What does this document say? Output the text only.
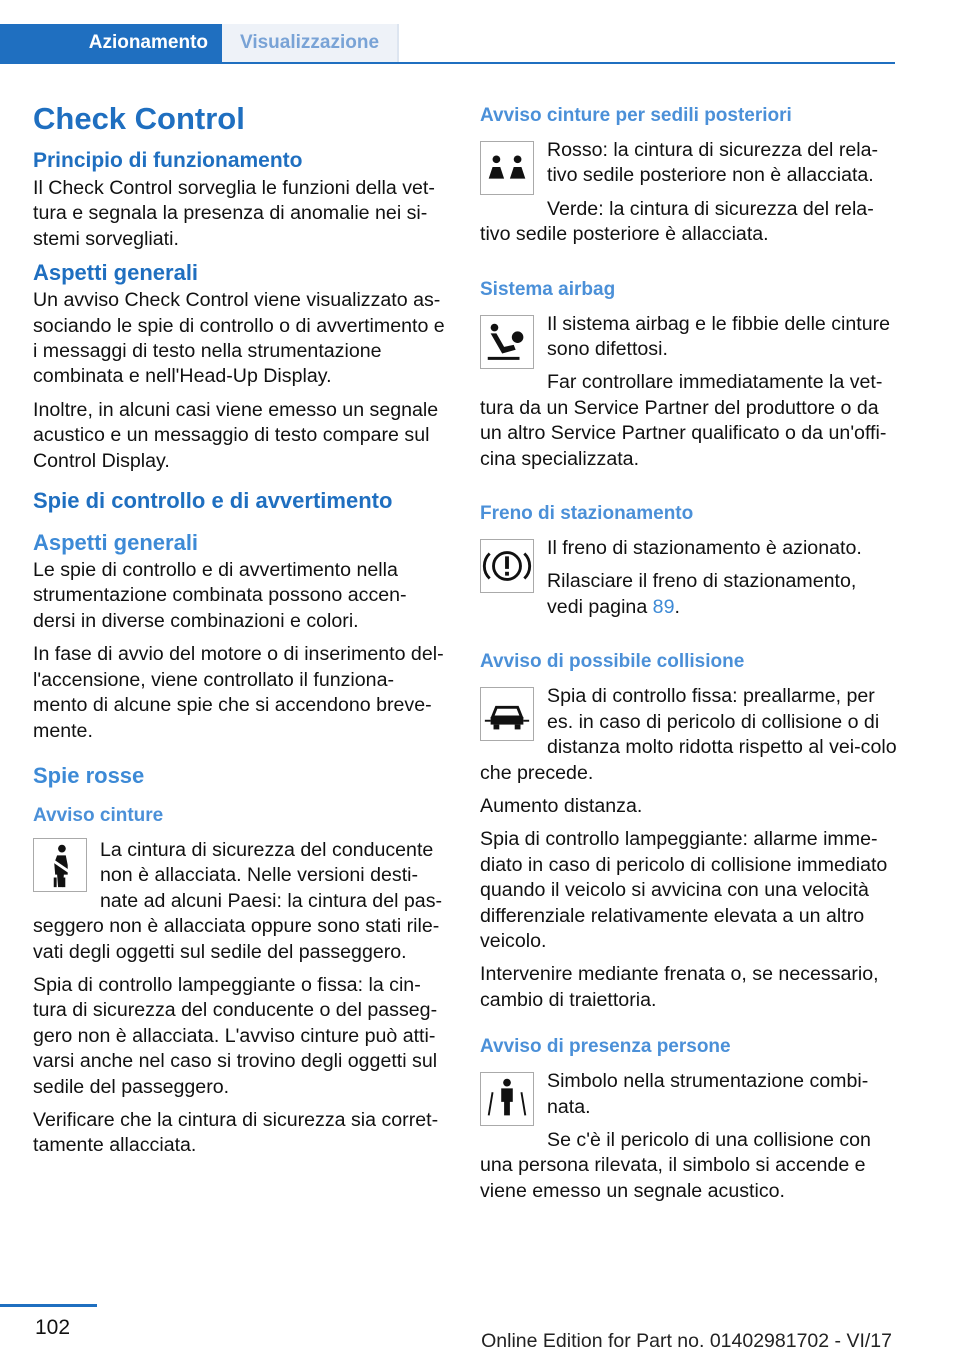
Azionamento	Visualizzazione
Check Control
Principio di funzionamento

Il Check Control sorveglia le funzioni della vet-tura e segnala la presenza di anomalie nei si-stemi sorvegliati.

Aspetti generali

Un avviso Check Control viene visualizzato as-sociando le spie di controllo o di avvertimento e i messaggi di testo nella strumentazione combinata e nell'Head-Up Display.

Inoltre, in alcuni casi viene emesso un segnale acustico e un messaggio di testo compare sul Control Display.

Spie di controllo e di avvertimento
Aspetti generali

Le spie di controllo e di avvertimento nella strumentazione combinata possono accen-dersi in diverse combinazioni e colori.

In fase di avvio del motore o di inserimento del-l'accensione, viene controllato il funziona-mento di alcune spie che si accendono breve-mente.

Spie rosse
Avviso cinture

La cintura di sicurezza del conducente non è allacciata. Nelle versioni desti-nate ad alcuni Paesi: la cintura del pas-seggero non è allacciata oppure sono stati rile-vati degli oggetti sul sedile del passeggero.

Spia di controllo lampeggiante o fissa: la cin-tura di sicurezza del conducente o del passeg-gero non è allacciata. L'avviso cinture può atti-varsi anche nel caso si trovino degli oggetti sul sedile del passeggero.

Verificare che la cintura di sicurezza sia corret-tamente allacciata.

Avviso cinture per sedili posteriori

Rosso: la cintura di sicurezza del rela-tivo sedile posteriore non è allacciata.

Verde: la cintura di sicurezza del rela-tivo sedile posteriore è allacciata.

Sistema airbag

Il sistema airbag e le fibbie delle cinture sono difettosi.

Far controllare immediatamente la vet-tura da un Service Partner del produttore o da un altro Service Partner qualificato o da un'offi-cina specializzata.

Freno di stazionamento

Il freno di stazionamento è azionato.

Rilasciare il freno di stazionamento, vedi pagina 89.

Avviso di possibile collisione

Spia di controllo fissa: preallarme, per es. in caso di pericolo di collisione o di distanza molto ridotta rispetto al vei-colo che precede.

Aumento distanza.

Spia di controllo lampeggiante: allarme imme-diato in caso di pericolo di collisione immediato quando il veicolo si avvicina con una velocità differenziale relativamente elevata a un altro veicolo.

Intervenire mediante frenata o, se necessario, cambio di traiettoria.

Avviso di presenza persone

Simbolo nella strumentazione combi-nata.

Se c'è il pericolo di una collisione con una persona rilevata, il simbolo si accende e viene emesso un segnale acustico.

102
Online Edition for Part no. 01402981702 - VI/17
